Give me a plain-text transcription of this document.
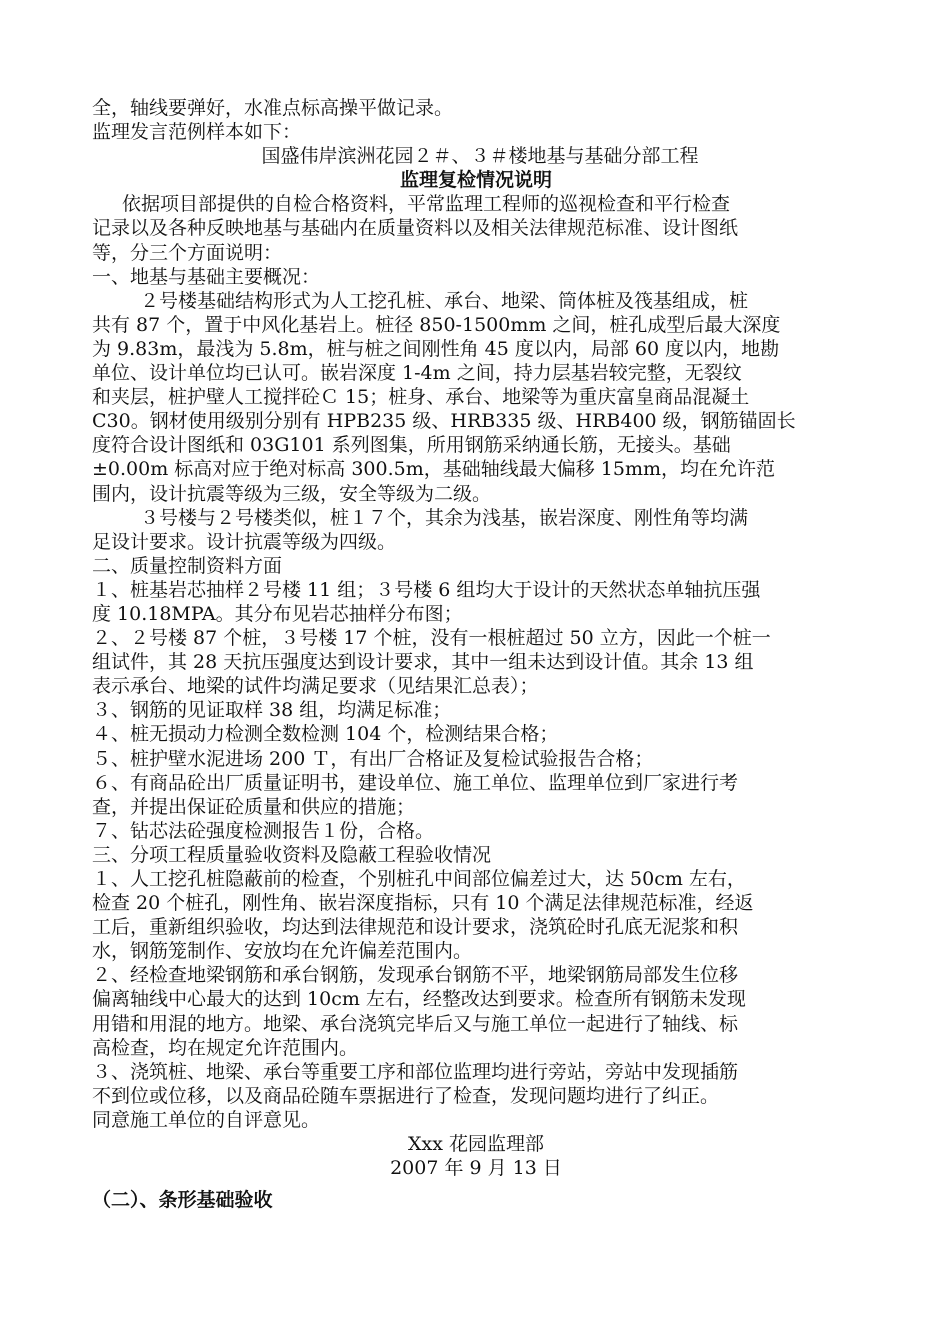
全，轴线要弹好，水准点标高操平做记录。
监理发言范例样本如下：
国盛伟岸滨洲花园２＃、３＃楼地基与基础分部工程
监理复检情况说明
依据项目部提供的自检合格资料，平常监理工程师的巡视检查和平行检查
记录以及各种反映地基与基础内在质量资料以及相关法律规范标准、设计图纸
等，分三个方面说明：
一、地基与基础主要概况：
２号楼基础结构形式为人工挖孔桩、承台、地梁、筒体桩及筏基组成，桩
共有 87 个，置于中风化基岩上。桩径 850-1500mm 之间，桩孔成型后最大深度
为 9.83m，最浅为 5.8m，桩与桩之间刚性角 45 度以内，局部 60 度以内，地勘
单位、设计单位均已认可。嵌岩深度 1-4m 之间，持力层基岩较完整，无裂纹
和夹层，桩护壁人工搅拌砼Ｃ 15；桩身、承台、地梁等为重庆富皇商品混凝土
C30。钢材使用级别分别有 HPB235 级、HRB335 级、HRB400 级，钢筋锚固长
度符合设计图纸和 03G101 系列图集，所用钢筋采纳通长筋，无接头。基础
±0.00m 标高对应于绝对标高 300.5m，基础轴线最大偏移 15mm，均在允许范
围内，设计抗震等级为三级，安全等级为二级。
３号楼与２号楼类似，桩１７个，其余为浅基，嵌岩深度、刚性角等均满
足设计要求。设计抗震等级为四级。
二、质量控制资料方面
１、桩基岩芯抽样２号楼 11 组；３号楼 6 组均大于设计的天然状态单轴抗压强
度 10.18MPA。其分布见岩芯抽样分布图；
２、２号楼 87 个桩，３号楼 17 个桩，没有一根桩超过 50 立方，因此一个桩一
组试件，其 28 天抗压强度达到设计要求，其中一组未达到设计值。其余 13 组
表示承台、地梁的试件均满足要求（见结果汇总表）；
３、钢筋的见证取样 38 组，均满足标准；
４、桩无损动力检测全数检测 104 个，检测结果合格；
５、桩护壁水泥进场 200 Ｔ，有出厂合格证及复检试验报告合格；
６、有商品砼出厂质量证明书，建设单位、施工单位、监理单位到厂家进行考
查，并提出保证砼质量和供应的措施；
７、钻芯法砼强度检测报告１份，合格。
三、分项工程质量验收资料及隐蔽工程验收情况
１、人工挖孔桩隐蔽前的检查，个别桩孔中间部位偏差过大，达 50cm 左右，
检查 20 个桩孔，刚性角、嵌岩深度指标，只有 10 个满足法律规范标准，经返
工后，重新组织验收，均达到法律规范和设计要求，浇筑砼时孔底无泥浆和积
水，钢筋笼制作、安放均在允许偏差范围内。
２、经检查地梁钢筋和承台钢筋，发现承台钢筋不平，地梁钢筋局部发生位移
偏离轴线中心最大的达到 10cm 左右，经整改达到要求。检查所有钢筋未发现
用错和用混的地方。地梁、承台浇筑完毕后又与施工单位一起进行了轴线、标
高检查，均在规定允许范围内。
３、浇筑桩、地梁、承台等重要工序和部位监理均进行旁站，旁站中发现插筋
不到位或位移，以及商品砼随车票据进行了检查，发现问题均进行了纠正。
同意施工单位的自评意见。
Xxx 花园监理部
2007 年 9 月 13 日
（二）、条形基础验收
